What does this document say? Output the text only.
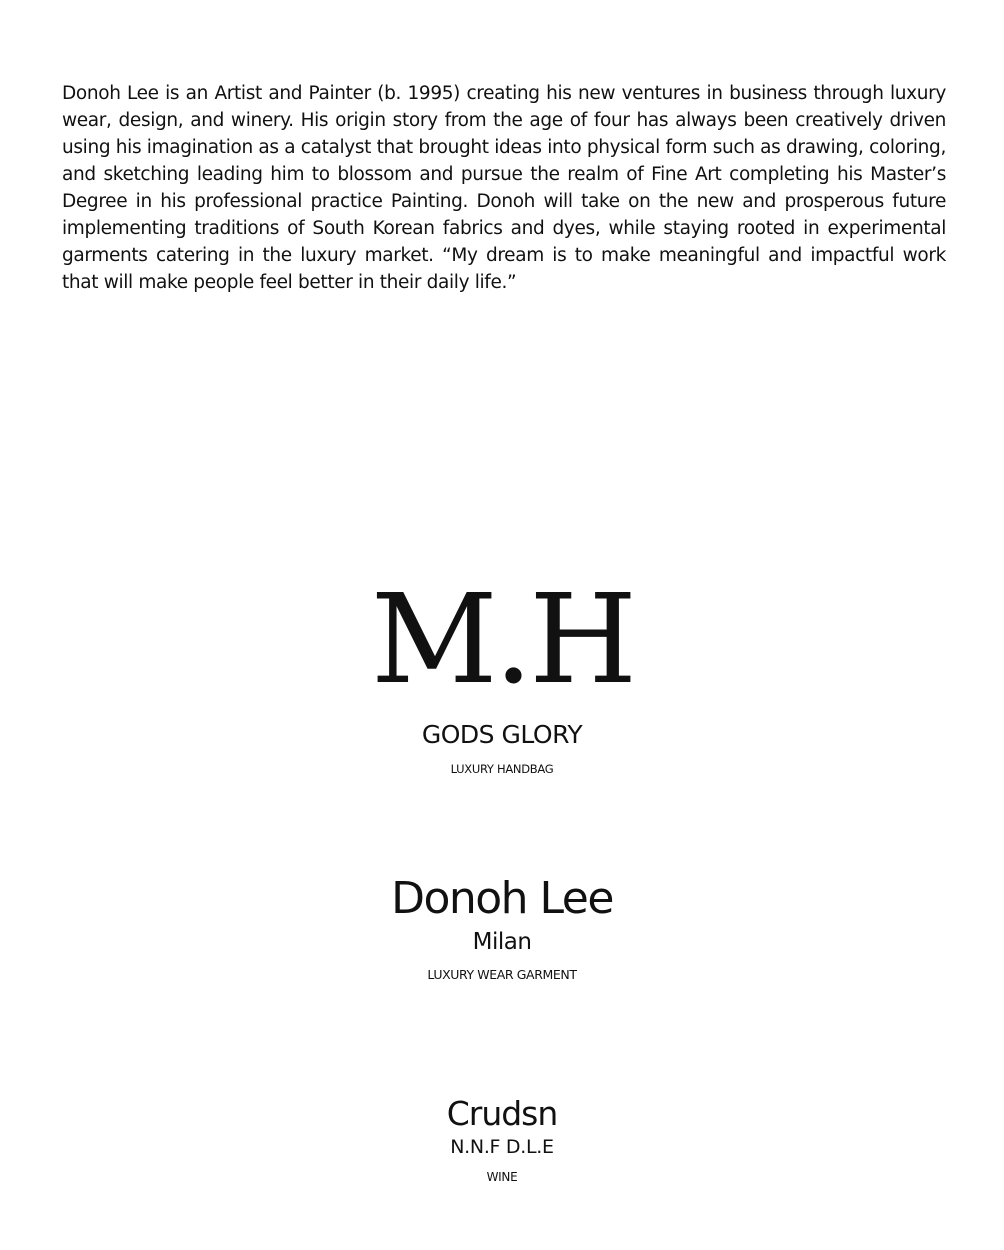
Donoh Lee is an Artist and Painter (b. 1995) creating his new ventures in business through luxury wear, design, and winery. His origin story from the age of four has always been creatively driven using his imagination as a catalyst that brought ideas into physical form such as drawing, coloring, and sketching leading him to blossom and pursue the realm of Fine Art completing his Master’s Degree in his professional practice Painting. Donoh will take on the new and prosperous future implementing traditions of South Korean fabrics and dyes, while staying rooted in experimental garments catering in the luxury market. “My dream is to make meaningful and impactful work that will make people feel better in their daily life.”

M.H
GODS GLORY
LUXURY HANDBAG
Donoh Lee
Milan
LUXURY WEAR GARMENT
Crudsn
N.N.F D.L.E
WINE
